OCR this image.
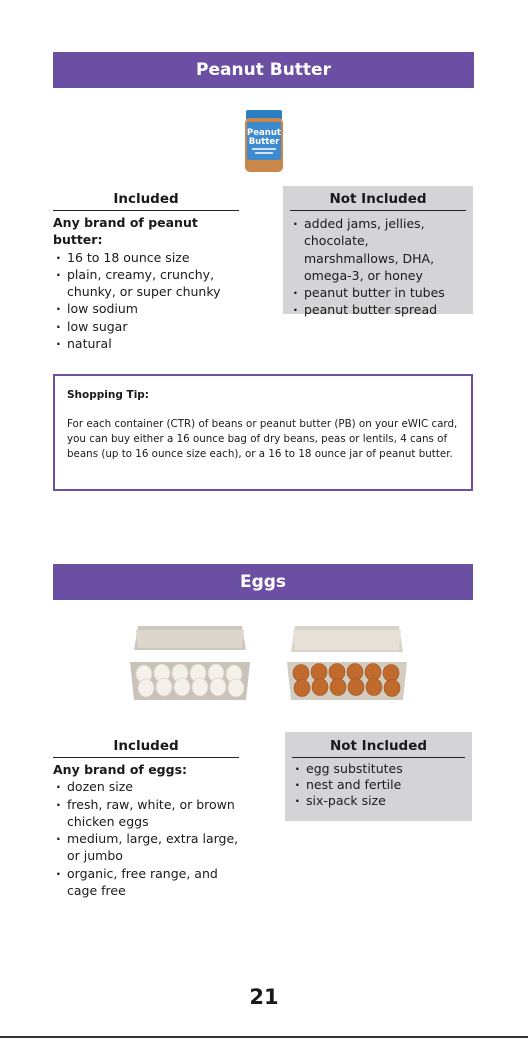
Peanut Butter
Peanut
Butter
Included
Any brand of peanut butter:
· 16 to 18 ounce size
· plain, creamy, crunchy, chunky, or super chunky
· low sodium
· low sugar
· natural
Not Included
· added jams, jellies, chocolate, marshmallows, DHA, omega-3, or honey
· peanut butter in tubes
· peanut butter spread
Shopping Tip:
For each container (CTR) of beans or peanut butter (PB) on your eWIC card, you can buy either a 16 ounce bag of dry beans, peas or lentils, 4 cans of beans (up to 16 ounce size each), or a 16 to 18 ounce jar of peanut butter.
Eggs
Included
Any brand of eggs:
· dozen size
· fresh, raw, white, or brown chicken eggs
· medium, large, extra large, or jumbo
· organic, free range, and cage free
Not Included
· egg substitutes
· nest and fertile
· six-pack size
21
